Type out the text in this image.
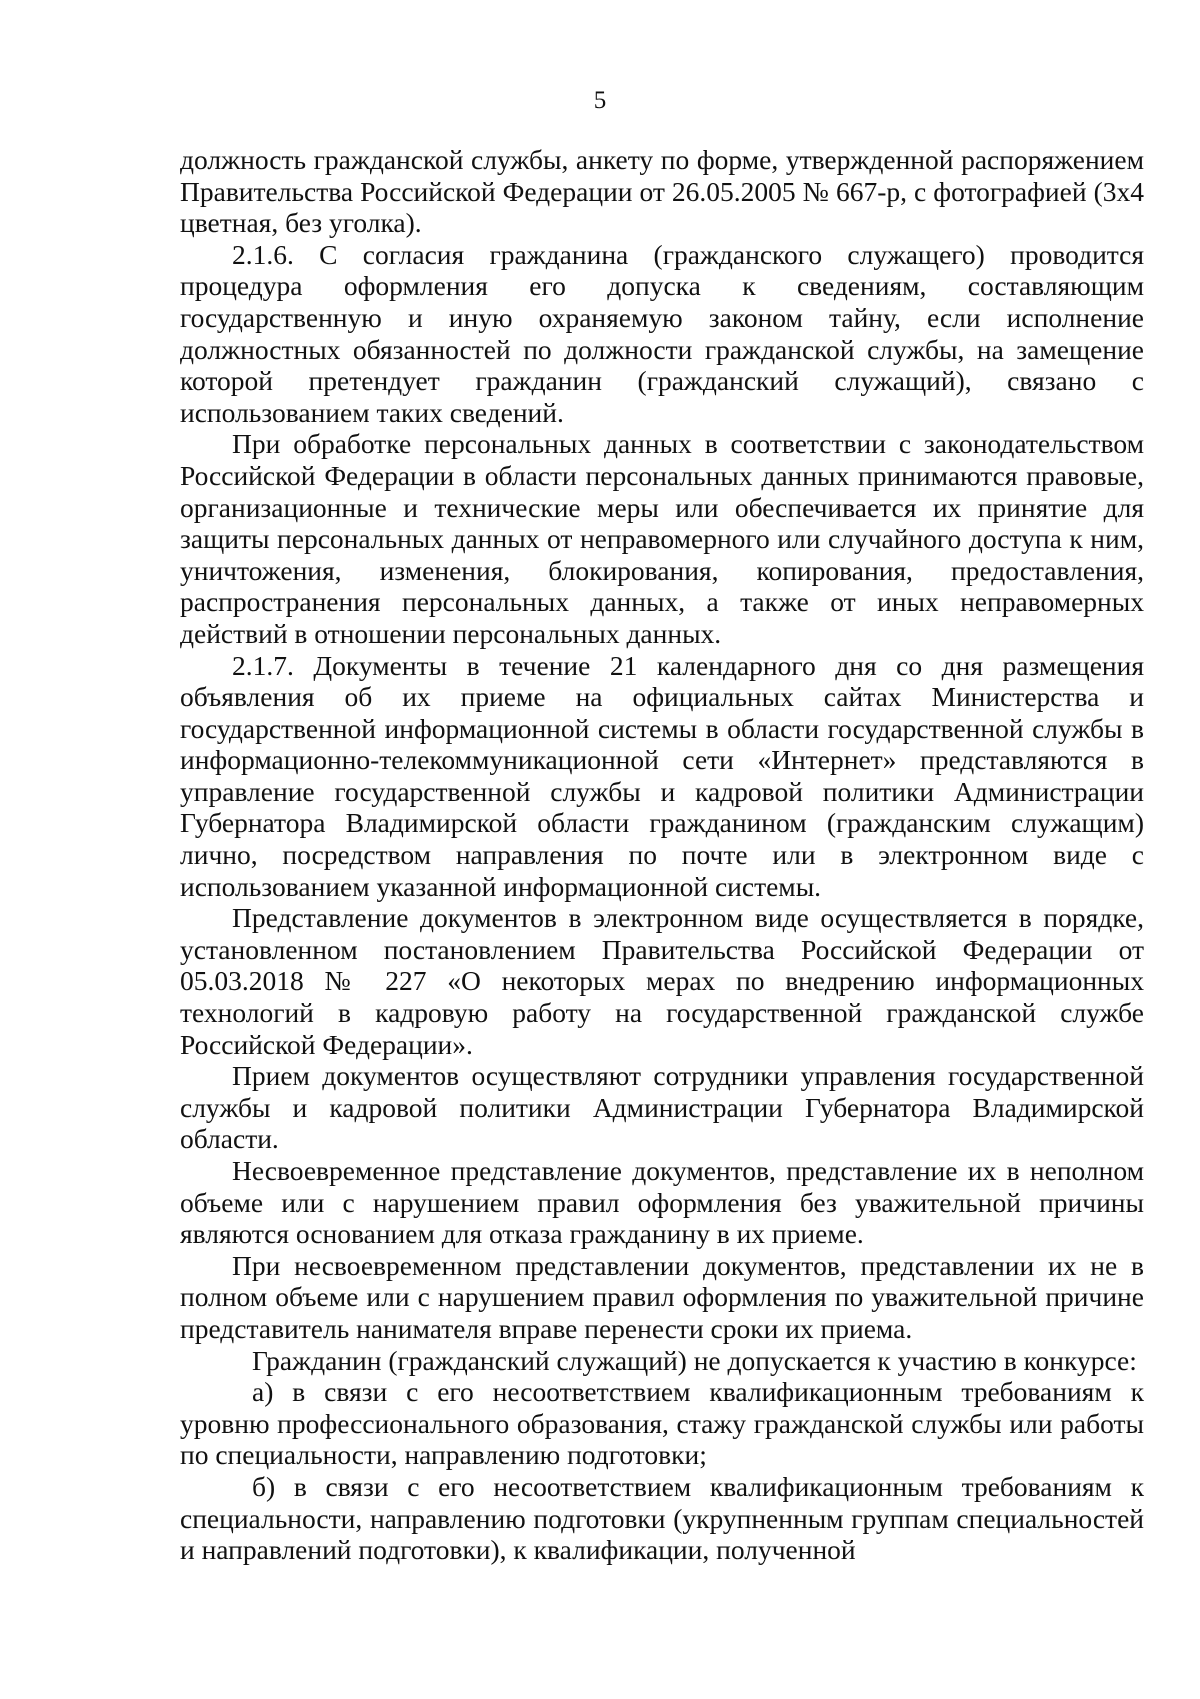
5

должность гражданской службы, анкету по форме, утвержденной распоряжением Правительства Российской Федерации от 26.05.2005 № 667-р, с фотографией (3х4 цветная, без уголка).

2.1.6. С согласия гражданина (гражданского служащего) проводится процедура оформления его допуска к сведениям, составляющим государственную и иную охраняемую законом тайну, если исполнение должностных обязанностей по должности гражданской службы, на замещение которой претендует гражданин (гражданский служащий), связано с использованием таких сведений.

При обработке персональных данных в соответствии с законодательством Российской Федерации в области персональных данных принимаются правовые, организационные и технические меры или обеспечивается их принятие для защиты персональных данных от неправомерного или случайного доступа к ним, уничтожения, изменения, блокирования, копирования, предоставления, распространения персональных данных, а также от иных неправомерных действий в отношении персональных данных.

2.1.7. Документы в течение 21 календарного дня со дня размещения объявления об их приеме на официальных сайтах Министерства и государственной информационной системы в области государственной службы в информационно-телекоммуникационной сети «Интернет» представляются в управление государственной службы и кадровой политики Администрации Губернатора Владимирской области гражданином (гражданским служащим) лично, посредством направления по почте или в электронном виде с использованием указанной информационной системы.

Представление документов в электронном виде осуществляется в порядке, установленном постановлением Правительства Российской Федерации от 05.03.2018 № 227 «О некоторых мерах по внедрению информационных технологий в кадровую работу на государственной гражданской службе Российской Федерации».

Прием документов осуществляют сотрудники управления государственной службы и кадровой политики Администрации Губернатора Владимирской области.

Несвоевременное представление документов, представление их в неполном объеме или с нарушением правил оформления без уважительной причины являются основанием для отказа гражданину в их приеме.

При несвоевременном представлении документов, представлении их не в полном объеме или с нарушением правил оформления по уважительной причине представитель нанимателя вправе перенести сроки их приема.

Гражданин (гражданский служащий) не допускается к участию в конкурсе:

а) в связи с его несоответствием квалификационным требованиям к уровню профессионального образования, стажу гражданской службы или работы по специальности, направлению подготовки;

б) в связи с его несоответствием квалификационным требованиям к специальности, направлению подготовки (укрупненным группам специальностей и направлений подготовки), к квалификации, полученной
